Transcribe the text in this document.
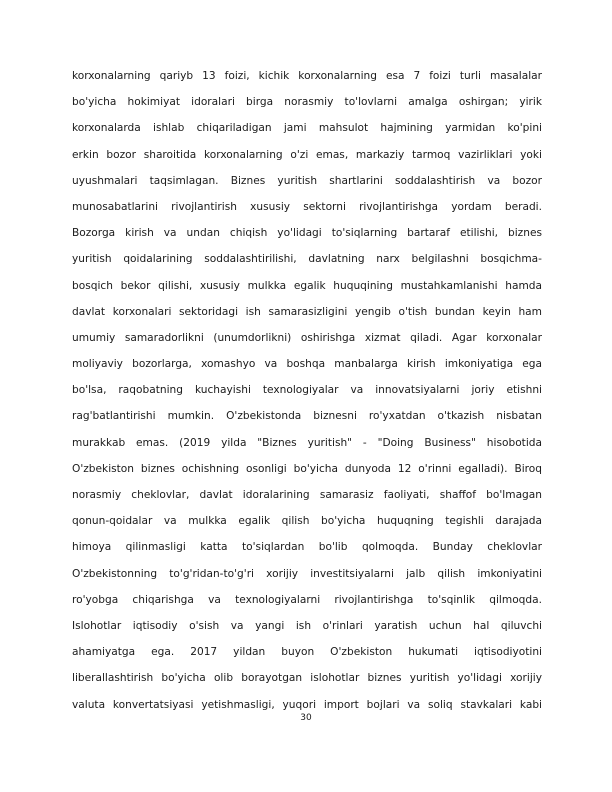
korxonalarning qariyb 13 foizi, kichik korxonalarning esa 7 foizi turli masalalar
bo'yicha hokimiyat idoralari birga norasmiy to'lovlarni amalga oshirgan; yirik
korxonalarda ishlab chiqariladigan jami mahsulot hajmining yarmidan ko'pini
erkin bozor sharoitida korxonalarning o'zi emas, markaziy tarmoq vazirliklari yoki
uyushmalari taqsimlagan. Biznes yuritish shartlarini soddalashtirish va bozor
munosabatlarini rivojlantirish xususiy sektorni rivojlantirishga yordam beradi.
Bozorga kirish va undan chiqish yo'lidagi to'siqlarning bartaraf etilishi, biznes
yuritish qoidalarining soddalashtirilishi, davlatning narx belgilashni bosqichma-
bosqich bekor qilishi, xususiy mulkka egalik huquqining mustahkamlanishi hamda
davlat korxonalari sektoridagi ish samarasizligini yengib o'tish bundan keyin ham
umumiy samaradorlikni (unumdorlikni) oshirishga xizmat qiladi. Agar korxonalar
moliyaviy bozorlarga, xomashyo va boshqa manbalarga kirish imkoniyatiga ega
bo'lsa, raqobatning kuchayishi texnologiyalar va innovatsiyalarni joriy etishni
rag'batlantirishi mumkin. O'zbekistonda biznesni ro'yxatdan o'tkazish nisbatan
murakkab emas. (2019 yilda "Biznes yuritish" - "Doing Business" hisobotida
O'zbekiston biznes ochishning osonligi bo'yicha dunyoda 12 o'rinni egalladi). Biroq
norasmiy cheklovlar, davlat idoralarining samarasiz faoliyati, shaffof bo'lmagan
qonun-qoidalar va mulkka egalik qilish bo'yicha huquqning tegishli darajada
himoya qilinmasligi katta to'siqlardan bo'lib qolmoqda. Bunday cheklovlar
O'zbekistonning to'g'ridan-to'g'ri xorijiy investitsiyalarni jalb qilish imkoniyatini
ro'yobga chiqarishga va texnologiyalarni rivojlantirishga to'sqinlik qilmoqda.
Islohotlar iqtisodiy o'sish va yangi ish o'rinlari yaratish uchun hal qiluvchi
ahamiyatga ega. 2017 yildan buyon O'zbekiston hukumati iqtisodiyotini
liberallashtirish bo'yicha olib borayotgan islohotlar biznes yuritish yo'lidagi xorijiy
valuta konvertatsiyasi yetishmasligi, yuqori import bojlari va soliq stavkalari kabi
30
